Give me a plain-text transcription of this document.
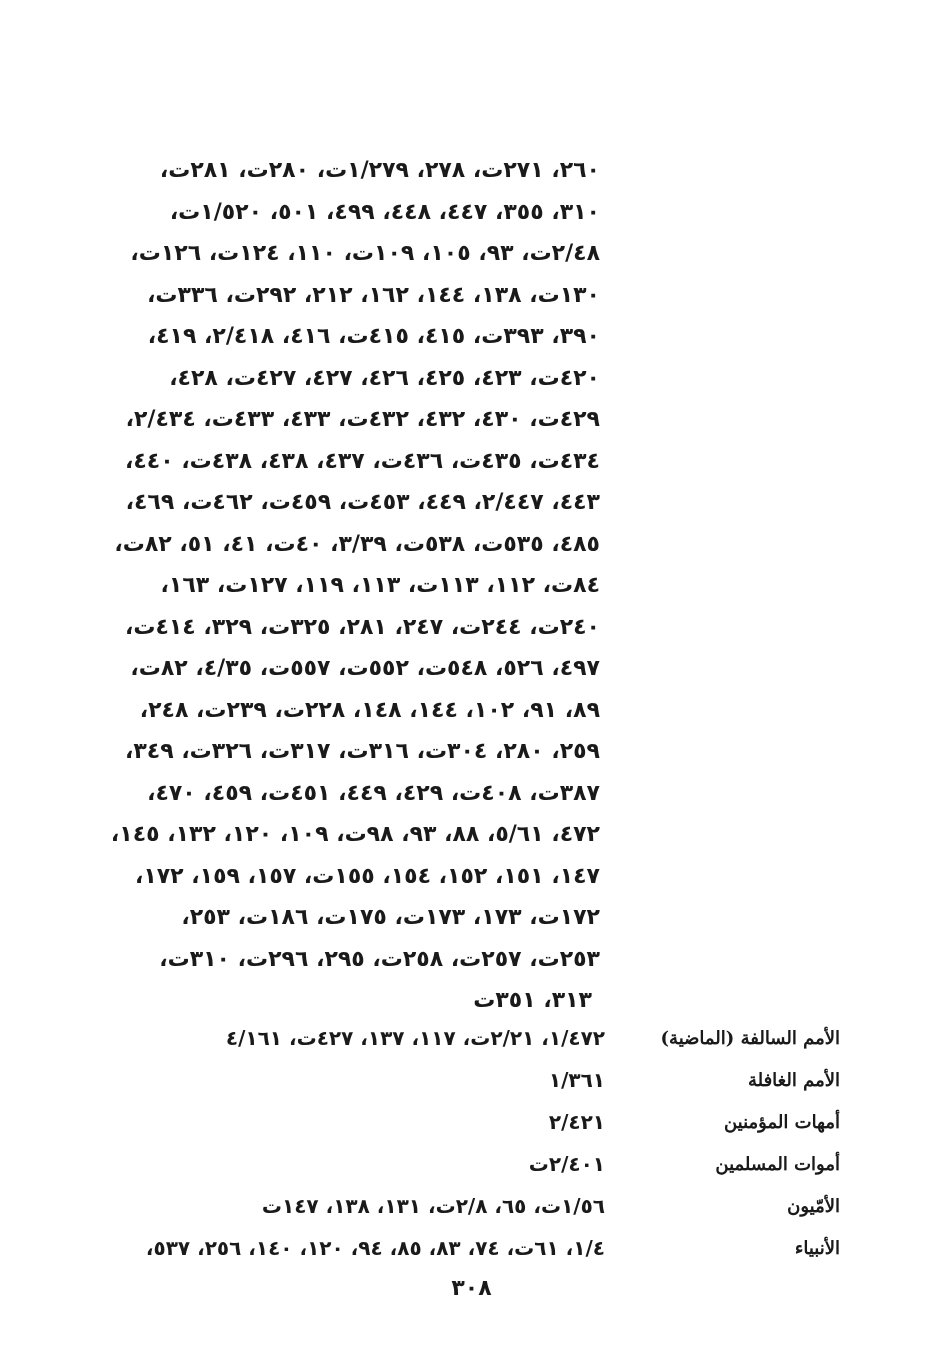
٢٦٠، ٢٧١ت، ٢٧٨، ١/٢٧٩ت، ٢٨٠ت، ٢٨١ت،
٣١٠، ٣٥٥، ٤٤٧، ٤٤٨، ٤٩٩، ٥٠١، ١/٥٢٠ت،
٢/٤٨ت، ٩٣، ١٠٥، ١٠٩ت، ١١٠، ١٢٤ت، ١٢٦ت،
١٣٠ت، ١٣٨، ١٤٤، ١٦٢، ٢١٢، ٢٩٢ت، ٣٣٦ت،
٣٩٠، ٣٩٣ت، ٤١٥، ٤١٥ت، ٤١٦، ٢/٤١٨، ٤١٩،
٤٢٠ت، ٤٢٣، ٤٢٥، ٤٢٦، ٤٢٧، ٤٢٧ت، ٤٢٨،
٤٢٩ت، ٤٣٠، ٤٣٢، ٤٣٢ت، ٤٣٣، ٤٣٣ت، ٢/٤٣٤،
٤٣٤ت، ٤٣٥ت، ٤٣٦ت، ٤٣٧، ٤٣٨، ٤٣٨ت، ٤٤٠،
٤٤٣، ٢/٤٤٧، ٤٤٩، ٤٥٣ت، ٤٥٩ت، ٤٦٢ت، ٤٦٩،
٤٨٥، ٥٣٥ت، ٥٣٨ت، ٣/٣٩، ٤٠ت، ٤١، ٥١، ٨٢ت،
٨٤ت، ١١٢، ١١٣ت، ١١٣، ١١٩، ١٢٧ت، ١٦٣،
٢٤٠ت، ٢٤٤ت، ٢٤٧، ٢٨١، ٣٢٥ت، ٣٢٩، ٤١٤ت،
٤٩٧، ٥٢٦، ٥٤٨ت، ٥٥٢ت، ٥٥٧ت، ٤/٣٥، ٨٢ت،
٨٩، ٩١، ١٠٢، ١٤٤، ١٤٨، ٢٢٨ت، ٢٣٩ت، ٢٤٨،
٢٥٩، ٢٨٠، ٣٠٤ت، ٣١٦ت، ٣١٧ت، ٣٢٦ت، ٣٤٩،
٣٨٧ت، ٤٠٨ت، ٤٢٩، ٤٤٩، ٤٥١ت، ٤٥٩، ٤٧٠،
٤٧٢، ٥/٦١، ٨٨، ٩٣، ٩٨ت، ١٠٩، ١٢٠، ١٣٢، ١٤٥،
١٤٧، ١٥١، ١٥٢، ١٥٤، ١٥٥ت، ١٥٧، ١٥٩، ١٧٢،
١٧٢ت، ١٧٣، ١٧٣ت، ١٧٥ت، ١٨٦ت، ٢٥٣،
٢٥٣ت، ٢٥٧ت، ٢٥٨ت، ٢٩٥، ٢٩٦ت، ٣١٠ت،
٣١٣، ٣٥١ت
الأمم السالفة (الماضية)
١/٤٧٢، ٢/٢١ت، ١١٧، ١٣٧، ٤٢٧ت، ٤/١٦١
الأمم الغافلة
١/٣٦١
أمهات المؤمنين
٢/٤٢١
أموات المسلمين
٢/٤٠١ت
الأمّيون
١/٥٦ت، ٦٥، ٢/٨ت، ١٣١، ١٣٨، ١٤٧ت
الأنبياء
١/٤، ٦١ت، ٧٤، ٨٣، ٨٥، ٩٤، ١٢٠، ١٤٠، ٢٥٦، ٥٣٧،
٣٠٨
